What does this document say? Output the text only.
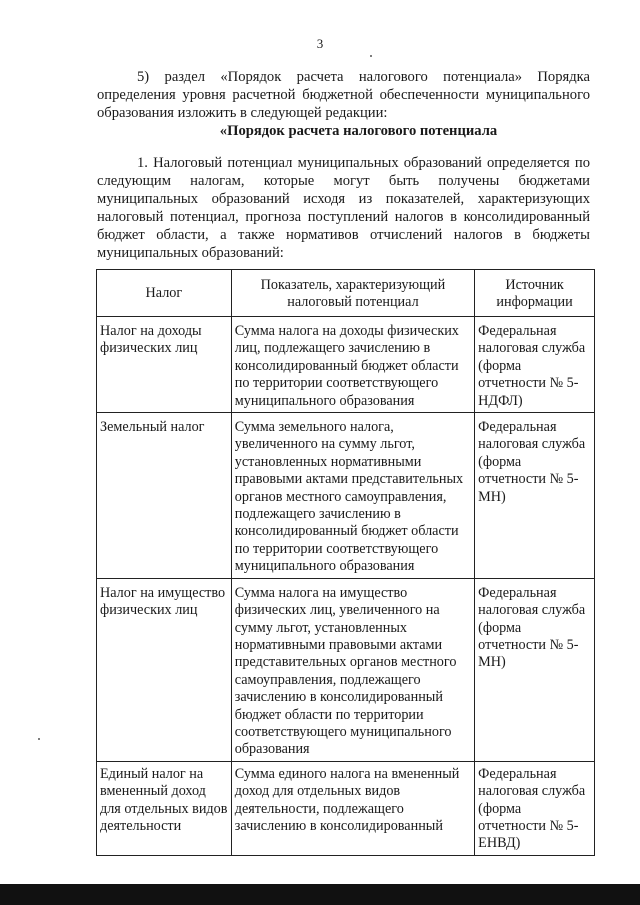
3

5) раздел «Порядок расчета налогового потенциала» Порядка определения уровня расчетной бюджетной обеспеченности муниципального образования изложить в следующей редакции:

«Порядок расчета налогового потенциала

1. Налоговый потенциал муниципальных образований определяется по следующим налогам, которые могут быть получены бюджетами муниципальных образований исходя из показателей, характеризующих налоговый потенциал, прогноза поступлений налогов в консолидированный бюджет области, а также нормативов отчислений налогов в бюджеты муниципальных образований:

Налог	Показатель, характеризующий налоговый потенциал	Источник информации
Налог на доходы физических лиц	Сумма налога на доходы физических лиц, подлежащего зачислению в консолидированный бюджет области по территории соответствующего муниципального образования	Федеральная налоговая служба (форма отчетности № 5-НДФЛ)
Земельный налог	Сумма земельного налога, увеличенного на сумму льгот, установленных нормативными правовыми актами представительных органов местного самоуправления, подлежащего зачислению в консолидированный бюджет области по территории соответствующего муниципального образования	Федеральная налоговая служба (форма отчетности № 5-МН)
Налог на имущество физических лиц	Сумма налога на имущество физических лиц, увеличенного на сумму льгот, установленных нормативными правовыми актами представительных органов местного самоуправления, подлежащего зачислению в консолидированный бюджет области по территории соответствующего муниципального образования	Федеральная налоговая служба (форма отчетности № 5-МН)
Единый налог на вмененный доход для отдельных видов деятельности	Сумма единого налога на вмененный доход для отдельных видов деятельности, подлежащего зачислению в консолидированный	Федеральная налоговая служба (форма отчетности № 5-ЕНВД)
